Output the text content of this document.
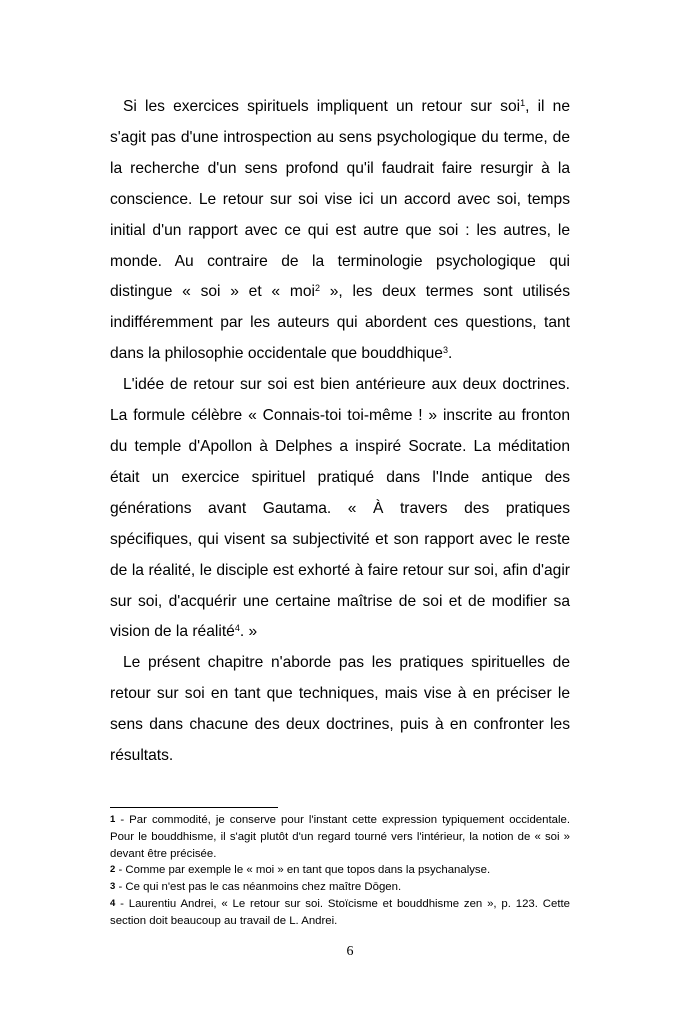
Si les exercices spirituels impliquent un retour sur soi$^1$, il ne s'agit pas d'une introspection au sens psychologique du terme, de la recherche d'un sens profond qu'il faudrait faire resurgir à la conscience. Le retour sur soi vise ici un accord avec soi, temps initial d'un rapport avec ce qui est autre que soi : les autres, le monde. Au contraire de la terminologie psychologique qui distingue « soi » et « moi$^2$ », les deux termes sont utilisés indifféremment par les auteurs qui abordent ces questions, tant dans la philosophie occidentale que bouddhique$^3$.

L'idée de retour sur soi est bien antérieure aux deux doctrines. La formule célèbre « Connais-toi toi-même ! » inscrite au fronton du temple d'Apollon à Delphes a inspiré Socrate. La méditation était un exercice spirituel pratiqué dans l'Inde antique des générations avant Gautama. « À travers des pratiques spécifiques, qui visent sa subjectivité et son rapport avec le reste de la réalité, le disciple est exhorté à faire retour sur soi, afin d'agir sur soi, d'acquérir une certaine maîtrise de soi et de modifier sa vision de la réalité$^4$. »

Le présent chapitre n'aborde pas les pratiques spirituelles de retour sur soi en tant que techniques, mais vise à en préciser le sens dans chacune des deux doctrines, puis à en confronter les résultats.

1 - Par commodité, je conserve pour l'instant cette expression typiquement occidentale. Pour le bouddhisme, il s'agit plutôt d'un regard tourné vers l'intérieur, la notion de « soi » devant être précisée.

2 - Comme par exemple le « moi » en tant que topos dans la psychanalyse.

3 - Ce qui n'est pas le cas néanmoins chez maître Dōgen.

4 - Laurentiu Andrei, « Le retour sur soi. Stoïcisme et bouddhisme zen », p. 123. Cette section doit beaucoup au travail de L. Andrei.

6
